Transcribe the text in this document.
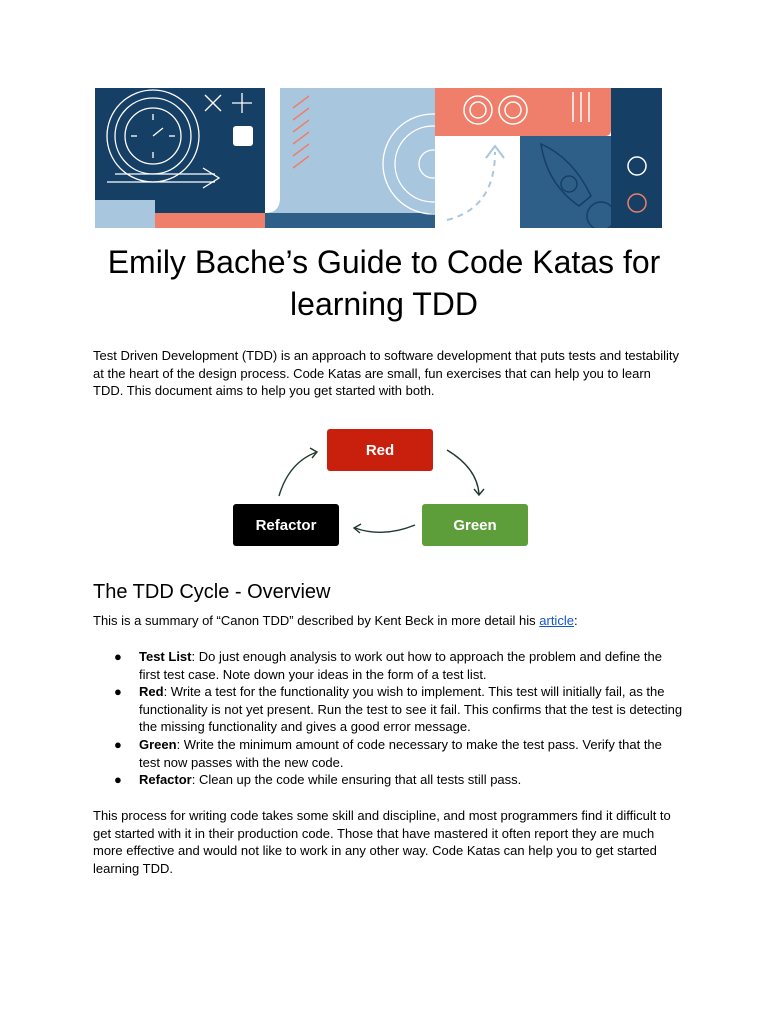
Emily Bache’s Guide to Code Katas for learning TDD

Test Driven Development (TDD) is an approach to software development that puts tests and testability at the heart of the design process. Code Katas are small, fun exercises that can help you to learn TDD. This document aims to help you get started with both.

Red
Green
Refactor
The TDD Cycle - Overview

This is a summary of “Canon TDD” described by Kent Beck in more detail his article:

● Test List: Do just enough analysis to work out how to approach the problem and define the first test case. Note down your ideas in the form of a test list.
● Red: Write a test for the functionality you wish to implement. This test will initially fail, as the functionality is not yet present. Run the test to see it fail. This confirms that the test is detecting the missing functionality and gives a good error message.
● Green: Write the minimum amount of code necessary to make the test pass. Verify that the test now passes with the new code.
● Refactor: Clean up the code while ensuring that all tests still pass.

This process for writing code takes some skill and discipline, and most programmers find it difficult to get started with it in their production code. Those that have mastered it often report they are much more effective and would not like to work in any other way. Code Katas can help you to get started learning TDD.
